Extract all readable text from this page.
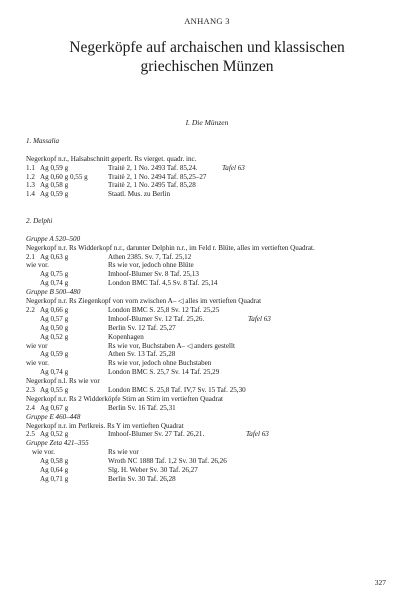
ANHANG 3
Negerköpfe auf archaischen und klassischen
griechischen Münzen
I. Die Münzen
1. Massalia
Negerkopf n.r., Halsabschnitt geperlt. Rs vierget. quadr. inc.
1.1 Ag 0,59 g	Traitè 2, 1 No. 2493 Taf. 85,24.	Tafel 63
1.2 Ag 0,60 g 0,55 g	Traitè 2, 1 No. 2494 Taf. 85,25–27
1.3 Ag 0,58 g	Traitè 2, 1 No. 2495 Taf. 85,28
1.4 Ag 0,59 g	Staatl. Mus. zu Berlin
2. Delphi
Gruppe A 520–500
Negerkopf n.r. Rs Widderkopf n.r., darunter Delphin n.r., im Feld r. Blüte, alles im vertieften Quadrat.
2.1 Ag 0,63 g	Athen 2385. Sv. 7, Taf. 25,12
wie vor.	Rs wie vor, jedoch ohne Blüte
Ag 0,75 g	Imhoof-Blumer Sv. 8 Taf. 25,13
Ag 0,74 g	London BMC Taf. 4,5 Sv. 8 Taf. 25,14
Gruppe B 500–480
Negerkopf n.r. Rs Ziegenkopf von vorn zwischen A– ◁ alles im vertieften Quadrat
2.2 Ag 0,66 g	London BMC S. 25,8 Sv. 12 Taf. 25,25
Ag 0,57 g	Imhoof-Blumer Sv. 12 Taf. 25,26.	Tafel 63
Ag 0,50 g	Berlin Sv. 12 Taf. 25,27
Ag 0,52 g	Kopenhagen
wie vor	Rs wie vor, Buchstaben A– ◁ anders gestellt
Ag 0,59 g	Athen Sv. 13 Taf. 25,28
wie vor.	Rs wie vor, jedoch ohne Buchstaben
Ag 0,74 g	London BMC S. 25,7 Sv. 14 Taf. 25,29
Negerkopf n.l. Rs wie vor
2.3 Ag 0,55 g	London BMC S. 25,8 Taf. IV,7 Sv. 15 Taf. 25,30
Negerkopf n.r. Rs 2 Widderköpfe Stirn an Stirn im vertieften Quadrat
2.4 Ag 0,67 g	Berlin Sv. 16 Taf. 25,31
Gruppe E 460–448
Negerkopf n.r. im Perlkreis. Rs Y im vertieften Quadrat
2.5 Ag 0,52 g	Imhoof-Blumer Sv. 27 Taf. 26,21.	Tafel 63
Gruppe Zeta 421–355
wie vor.	Rs wie vor
Ag 0,58 g	Wroth NC 1888 Taf. 1,2 Sv. 30 Taf. 26,26
Ag 0,64 g	Slg. H. Weber Sv. 30 Taf. 26,27
Ag 0,71 g	Berlin Sv. 30 Taf. 26,28
327
